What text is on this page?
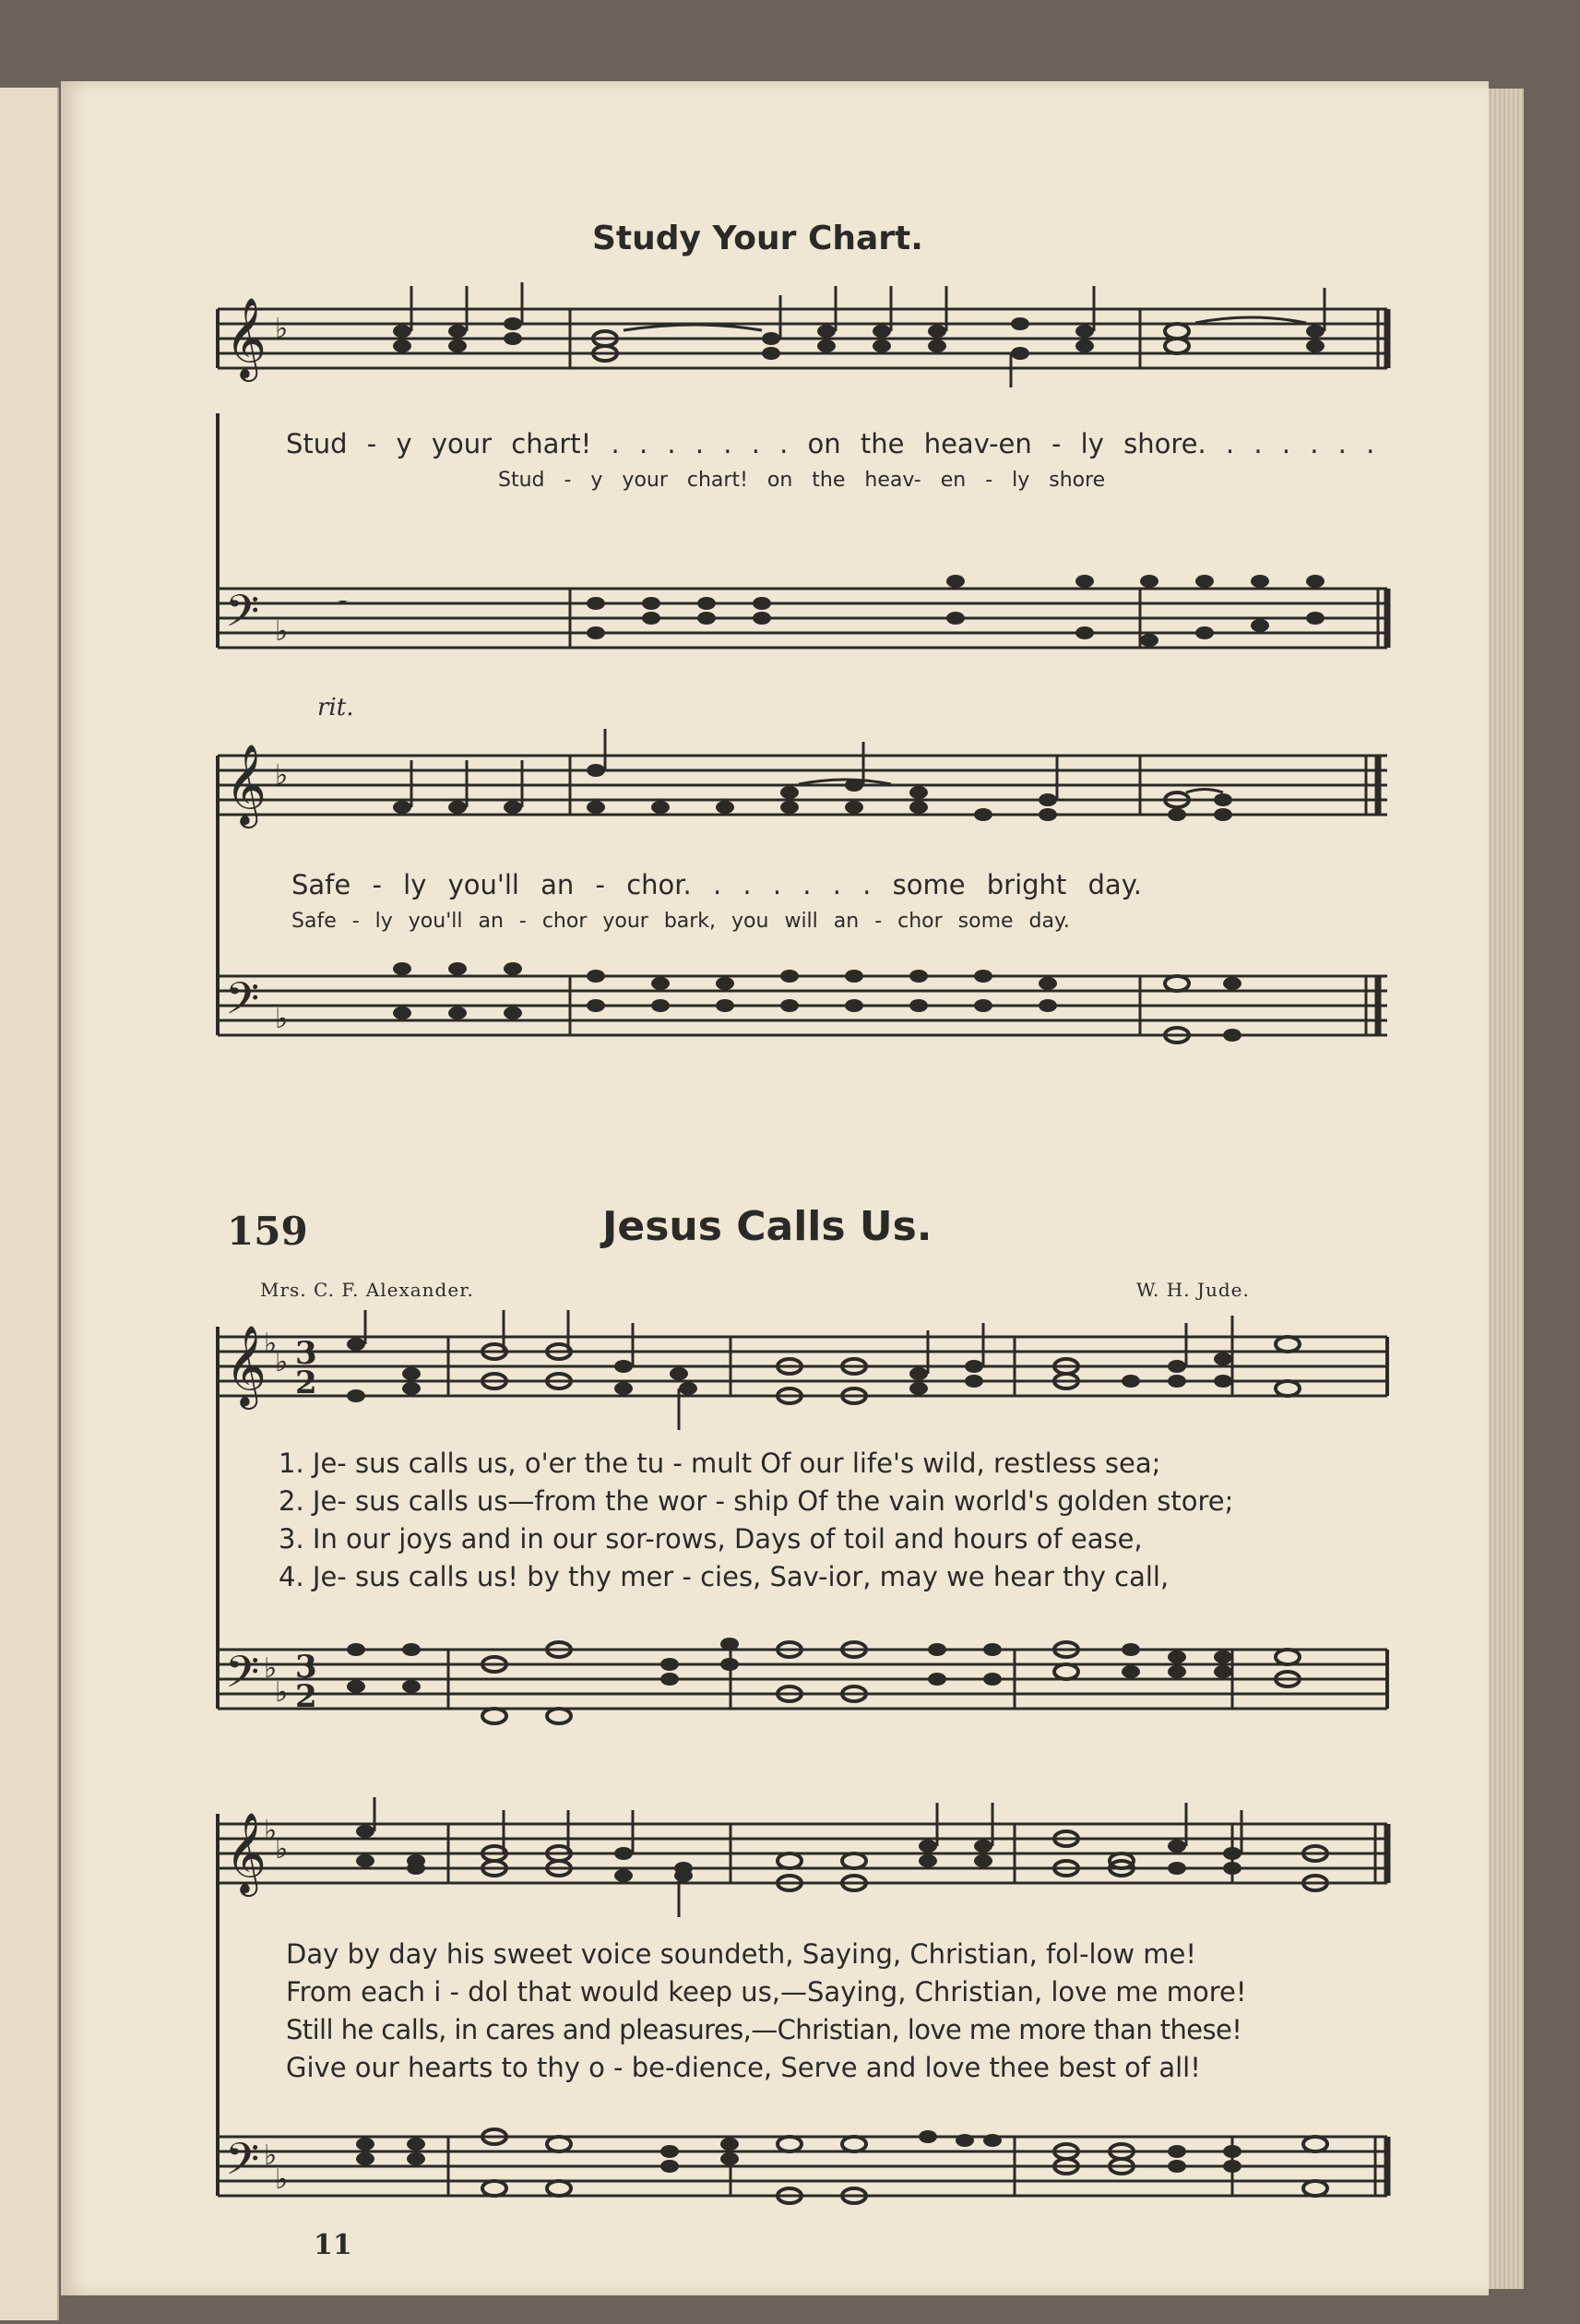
Study Your Chart.
𝄞 ♭
Stud - y your chart! . . . . . . . on the heav-en - ly shore. . . . . . .
Stud - y your chart! on the heav- en - ly shore
𝄢 ♭
𝄻
rit.
𝄞 ♭
Safe - ly you'll an - chor. . . . . . . some bright day.
Safe - ly you'll an - chor your bark, you will an - chor some day.
𝄢 ♭
159	Jesus Calls Us.
Mrs. C. F. Alexander.	W. H. Jude.
𝄞
♭
♭ 3
2
1. Je- sus calls us, o'er the tu - mult Of our life's wild, restless sea;
2. Je- sus calls us—from the wor - ship Of the vain world's golden store;
3. In our joys and in our sor-rows, Days of toil and hours of ease,
4. Je- sus calls us! by thy mer - cies, Sav-ior, may we hear thy call,
𝄢 ♭
♭
3
2
𝄞
♭
♭
Day by day his sweet voice soundeth, Saying, Christian, fol-low me!
From each i - dol that would keep us,—Saying, Christian, love me more!
Still he calls, in cares and pleasures,—Christian, love me more than these!
Give our hearts to thy o - be-dience, Serve and love thee best of all!
𝄢 ♭
♭
11
